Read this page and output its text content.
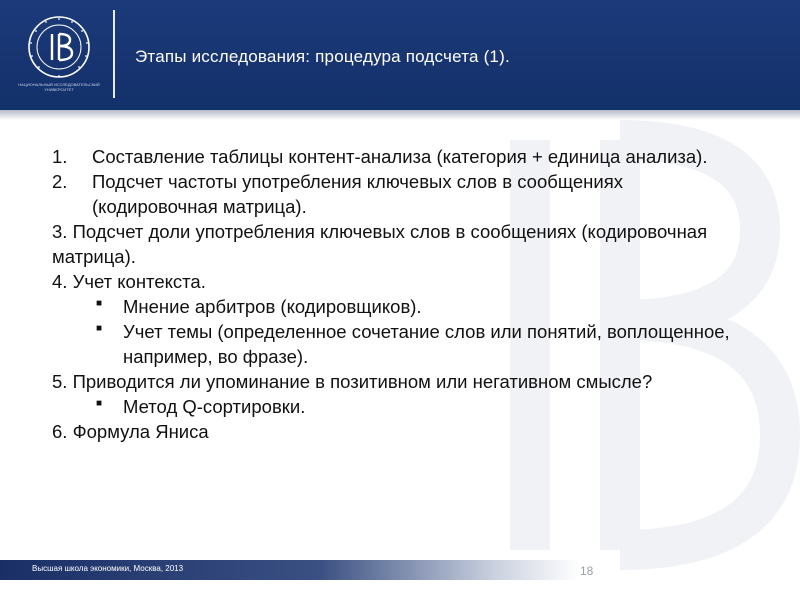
НАЦИОНАЛЬНЫЙ ИССЛЕДОВАТЕЛЬСКИЙ УНИВЕРСИТЕТ
Этапы исследования: процедура подсчета (1).
1.	Составление таблицы контент-анализа (категория + единица анализа).
2.	Подсчет частоты употребления ключевых слов в сообщениях (кодировочная матрица).
3. Подсчет доли употребления ключевых слов в сообщениях (кодировочная матрица).
4. Учет контекста.
■	Мнение арбитров (кодировщиков).
■	Учет темы (определенное сочетание слов или понятий, воплощенное, например, во фразе).
5. Приводится ли упоминание в позитивном или негативном смысле?
■	Метод Q-сортировки.
6. Формула Яниса
Высшая школа экономики, Москва, 2013	18
